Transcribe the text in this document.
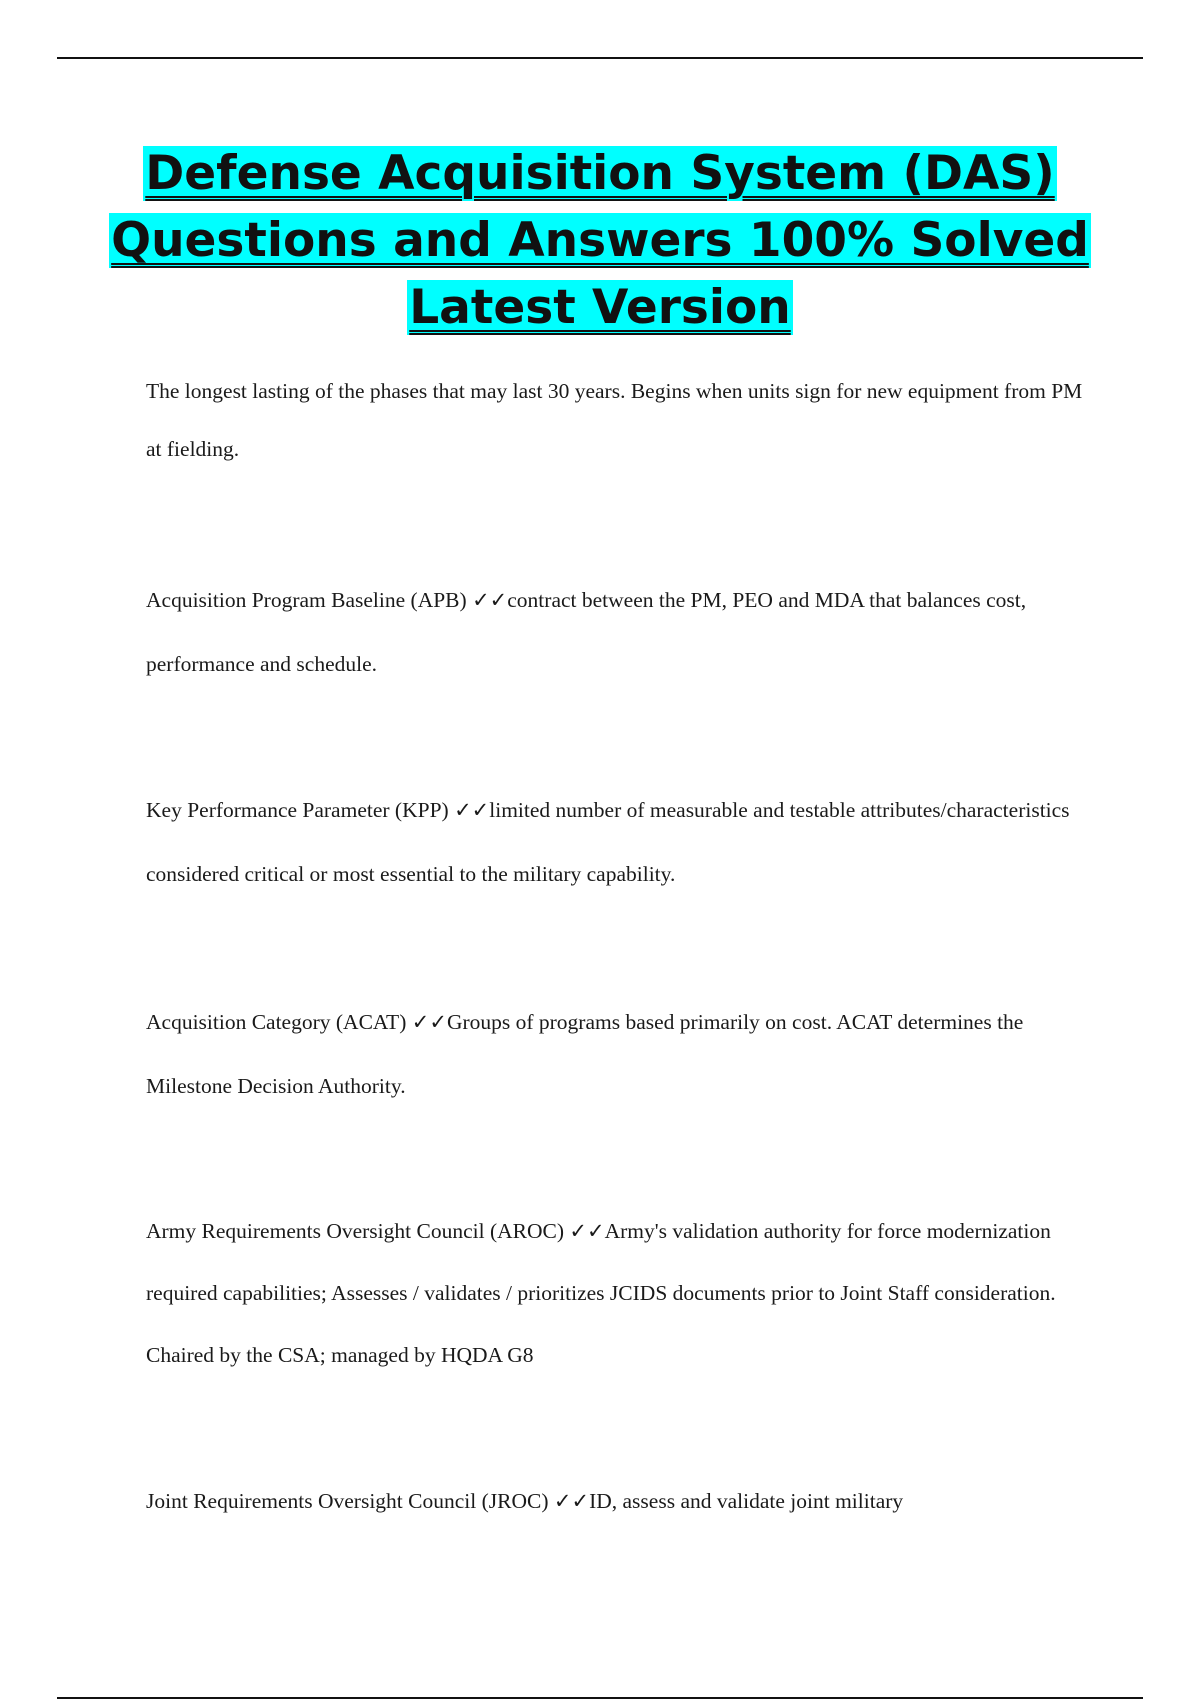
Defense Acquisition System (DAS)
Questions and Answers 100% Solved
Latest Version

The longest lasting of the phases that may last 30 years. Begins when units sign for new equipment from PM at fielding.

Acquisition Program Baseline (APB) ✓✓contract between the PM, PEO and MDA that balances cost, performance and schedule.

Key Performance Parameter (KPP) ✓✓limited number of measurable and testable attributes/characteristics considered critical or most essential to the military capability.

Acquisition Category (ACAT) ✓✓Groups of programs based primarily on cost. ACAT determines the Milestone Decision Authority.

Army Requirements Oversight Council (AROC) ✓✓Army's validation authority for force modernization required capabilities; Assesses / validates / prioritizes JCIDS documents prior to Joint Staff consideration. Chaired by the CSA; managed by HQDA G8

Joint Requirements Oversight Council (JROC) ✓✓ID, assess and validate joint military
